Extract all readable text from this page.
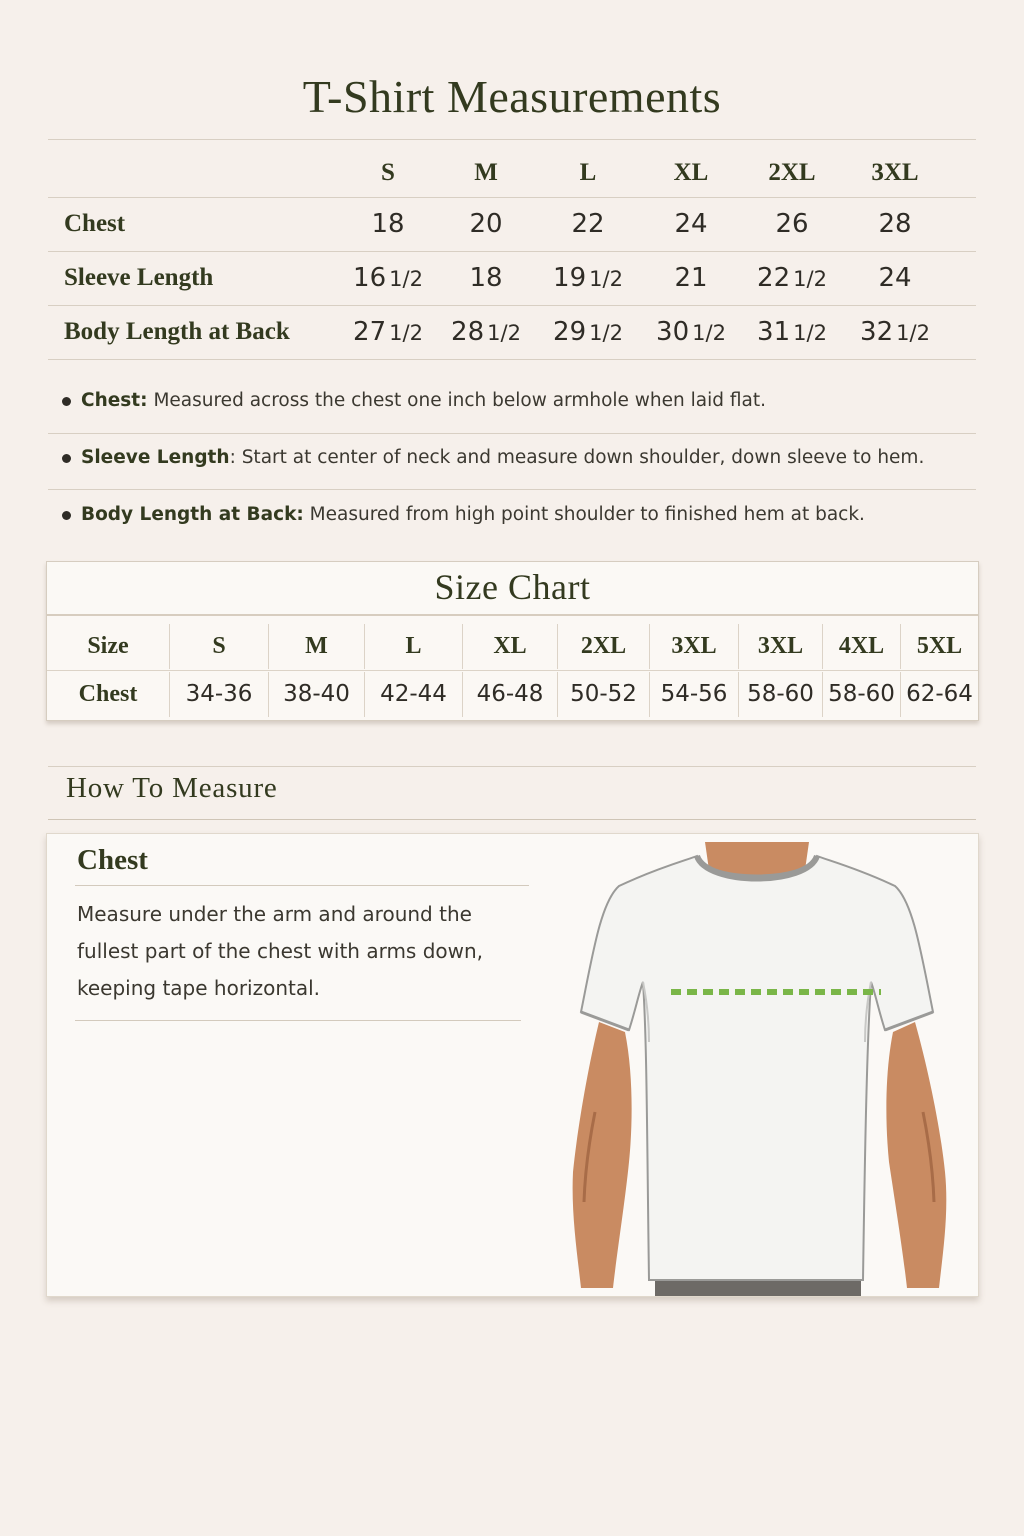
T-Shirt Measurements
S	M	L	XL	2XL	3XL
Chest	18	20	22	24	26	28
Sleeve Length	16 1/2	18	19 1/2	21	22 1/2	24
Body Length at Back	27 1/2	28 1/2	29 1/2	30 1/2	31 1/2	32 1/2
Chest: Measured across the chest one inch below armhole when laid flat.
Sleeve Length: Start at center of neck and measure down shoulder, down sleeve to hem.
Body Length at Back: Measured from high point shoulder to finished hem at back.
Size Chart
Size	S	M	L	XL	2XL	3XL	3XL	4XL	5XL
Chest	34-36	38-40	42-44	46-48	50-52	54-56 58-60 58-60 62-64
How To Measure
Chest
Measure under the arm and around the fullest part of the chest with arms down, keeping tape horizontal.
